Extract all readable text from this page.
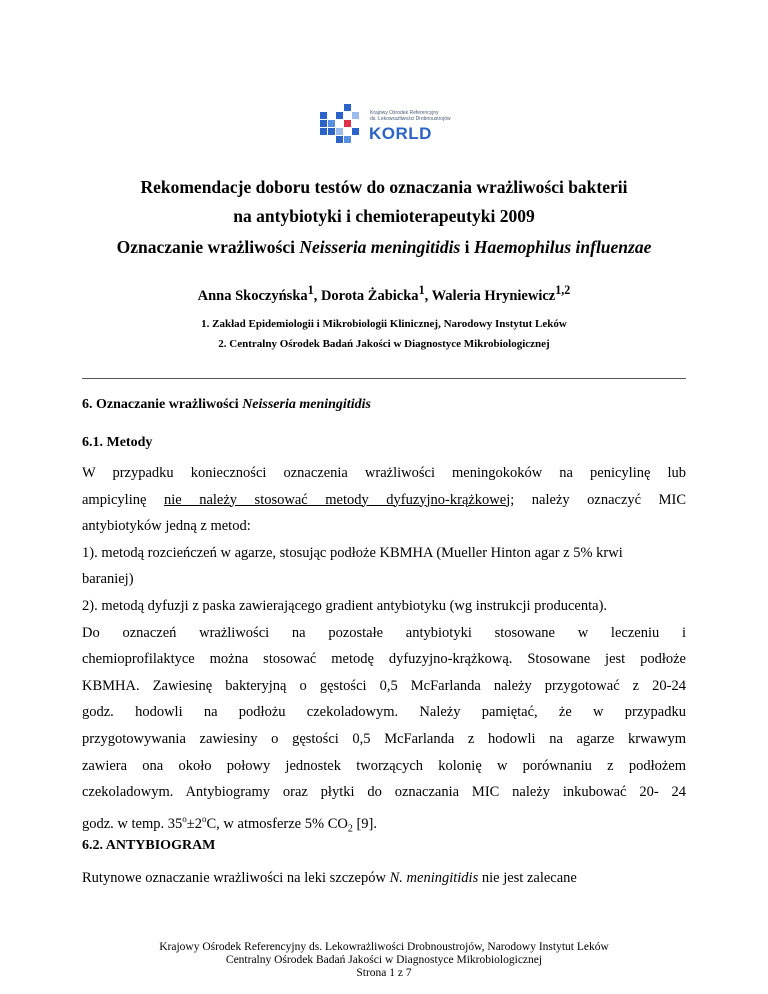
Krajowy Ośrodek Referencyjny
ds. Lekowrażliwości Drobnoustrojów
KORLD
Rekomendacje doboru testów do oznaczania wrażliwości bakterii
na antybiotyki i chemioterapeutyki 2009
Oznaczanie wrażliwości Neisseria meningitidis i Haemophilus influenzae
Anna Skoczyńska$^1$, Dorota Żabicka$^1$, Waleria Hryniewicz$^{1,2}$
1. Zakład Epidemiologii i Mikrobiologii Klinicznej, Narodowy Instytut Leków
2. Centralny Ośrodek Badań Jakości w Diagnostyce Mikrobiologicznej
6. Oznaczanie wrażliwości Neisseria meningitidis
6.1. Metody
W przypadku konieczności oznaczenia wrażliwości meningokoków na penicylinę lub
ampicylinę nie należy stosować metody dyfuzyjno-krążkowej; należy oznaczyć MIC
antybiotyków jedną z metod:
1). metodą rozcieńczeń w agarze, stosując podłoże KBMHA (Mueller Hinton agar z 5% krwi
baraniej)
2). metodą dyfuzji z paska zawierającego gradient antybiotyku (wg instrukcji producenta).
Do oznaczeń wrażliwości na pozostałe antybiotyki stosowane w leczeniu i
chemioprofilaktyce można stosować metodę dyfuzyjno-krążkową. Stosowane jest podłoże
KBMHA. Zawiesinę bakteryjną o gęstości 0,5 McFarlanda należy przygotować z 20-24
godz. hodowli na podłożu czekoladowym. Należy pamiętać, że w przypadku
przygotowywania zawiesiny o gęstości 0,5 McFarlanda z hodowli na agarze krwawym
zawiera ona około połowy jednostek tworzących kolonię w porównaniu z podłożem
czekoladowym. Antybiogramy oraz płytki do oznaczania MIC należy inkubować 20- 24
godz. w temp. $35^o\pm 2^oC$, w atmosferze 5% $CO_2$ [9].
6.2. ANTYBIOGRAM
Rutynowe oznaczanie wrażliwości na leki szczepów N. meningitidis nie jest zalecane
Krajowy Ośrodek Referencyjny ds. Lekowrażliwości Drobnoustrojów, Narodowy Instytut Leków
Centralny Ośrodek Badań Jakości w Diagnostyce Mikrobiologicznej
Strona 1 z 7
